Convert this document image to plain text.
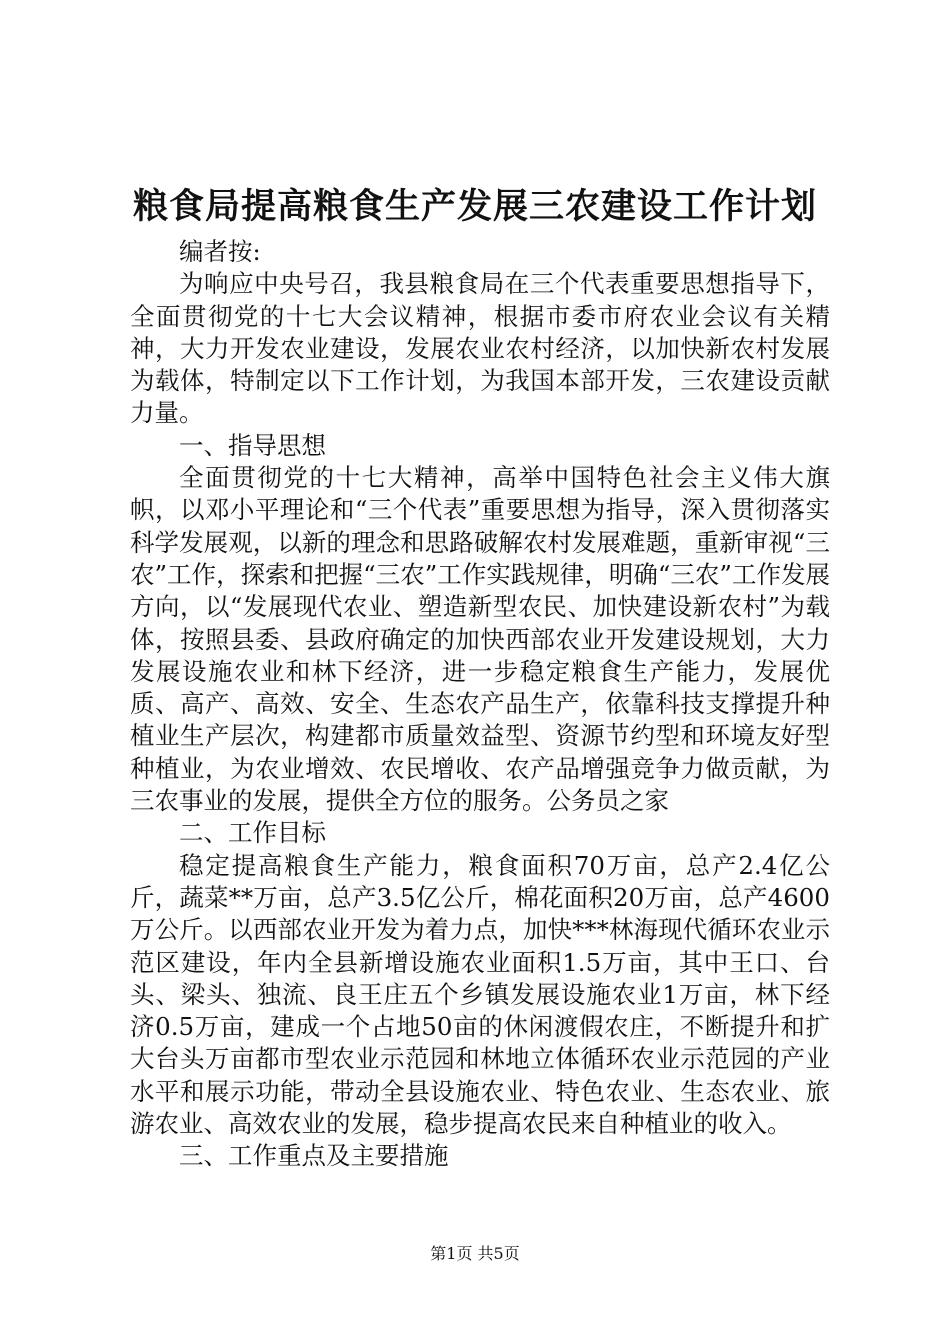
粮食局提高粮食生产发展三农建设工作计划

编者按:

为响应中央号召，我县粮食局在三个代表重要思想指导下，全面贯彻党的十七大会议精神，根据市委市府农业会议有关精神，大力开发农业建设，发展农业农村经济，以加快新农村发展为载体，特制定以下工作计划，为我国本部开发，三农建设贡献力量。

一、指导思想

全面贯彻党的十七大精神，高举中国特色社会主义伟大旗帜，以邓小平理论和“三个代表”重要思想为指导，深入贯彻落实科学发展观，以新的理念和思路破解农村发展难题，重新审视“三农”工作，探索和把握“三农”工作实践规律，明确“三农”工作发展方向，以“发展现代农业、塑造新型农民、加快建设新农村”为载体，按照县委、县政府确定的加快西部农业开发建设规划，大力发展设施农业和林下经济，进一步稳定粮食生产能力，发展优质、高产、高效、安全、生态农产品生产，依靠科技支撑提升种植业生产层次，构建都市质量效益型、资源节约型和环境友好型种植业，为农业增效、农民增收、农产品增强竞争力做贡献，为三农事业的发展，提供全方位的服务。公务员之家

二、工作目标

稳定提高粮食生产能力，粮食面积70万亩，总产2.4亿公斤，蔬菜**万亩，总产3.5亿公斤，棉花面积20万亩，总产4600万公斤。以西部农业开发为着力点，加快***林海现代循环农业示范区建设，年内全县新增设施农业面积1.5万亩，其中王口、台头、梁头、独流、良王庄五个乡镇发展设施农业1万亩，林下经济0.5万亩，建成一个占地50亩的休闲渡假农庄，不断提升和扩大台头万亩都市型农业示范园和林地立体循环农业示范园的产业水平和展示功能，带动全县设施农业、特色农业、生态农业、旅游农业、高效农业的发展，稳步提高农民来自种植业的收入。

三、工作重点及主要措施

第1页 共5页
